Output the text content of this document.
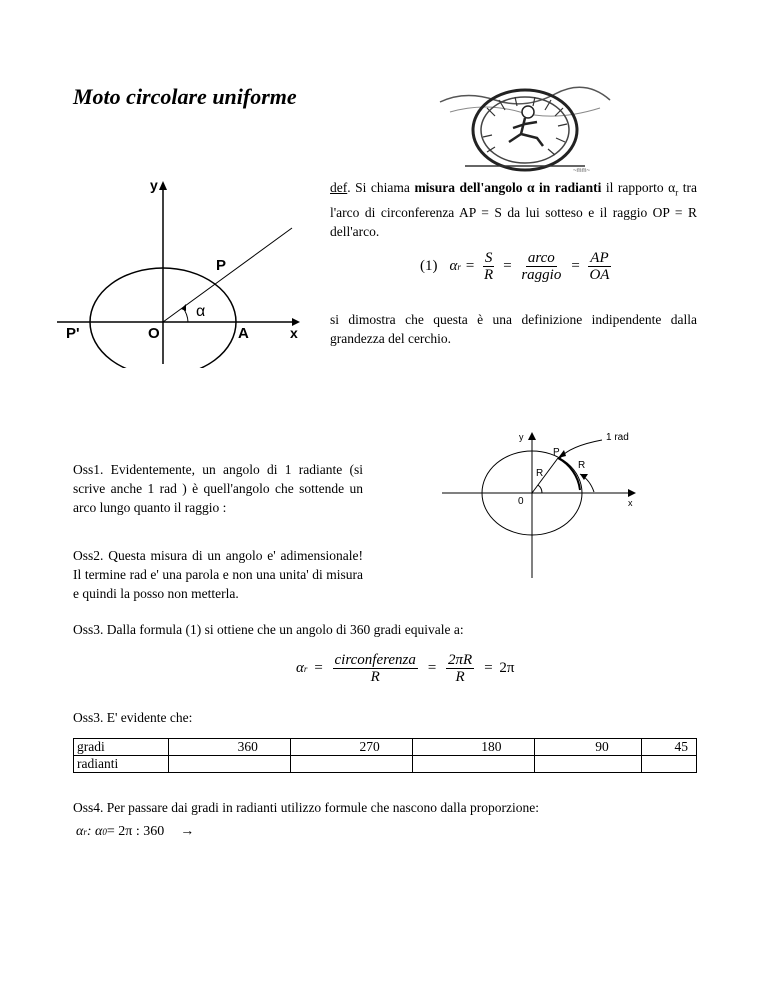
Moto circolare uniforme
~mm~
y
x
P
P'	O	A
α
def. Si chiama misura dell'angolo α in radianti il rapporto $\alpha_r$ tra l'arco di circonferenza AP = S da lui sotteso e il raggio OP = R dell'arco.
(1) α $r = \frac{S}{R} = \frac{\text{arco}}{\text{raggio}} = \frac{AP}{OA}$
si dimostra che questa è una definizione indipendente dalla grandezza del cerchio.
y
x
P
R
R
0
1 rad
Oss1. Evidentemente, un angolo di 1 radiante (si scrive anche 1 rad ) è quell'angolo che sottende un arco lungo quanto il raggio :
Oss2. Questa misura di un angolo e' adimensionale! Il termine rad e' una parola e non una unita' di misura e quindi la posso non metterla.
Oss3. Dalla formula (1) si ottiene che un angolo di 360 gradi equivale a:
α $r = \frac{\text{circonferenza}}{R} = \frac{2\pi R}{R} = 2\pi$
Oss3. E' evidente che:
gradi	360	270	180	90	45
radianti					
Oss4. Per passare dai gradi in radianti utilizzo formule che nascono dalla proporzione:
α r : α 0 = 2π : 360 →
